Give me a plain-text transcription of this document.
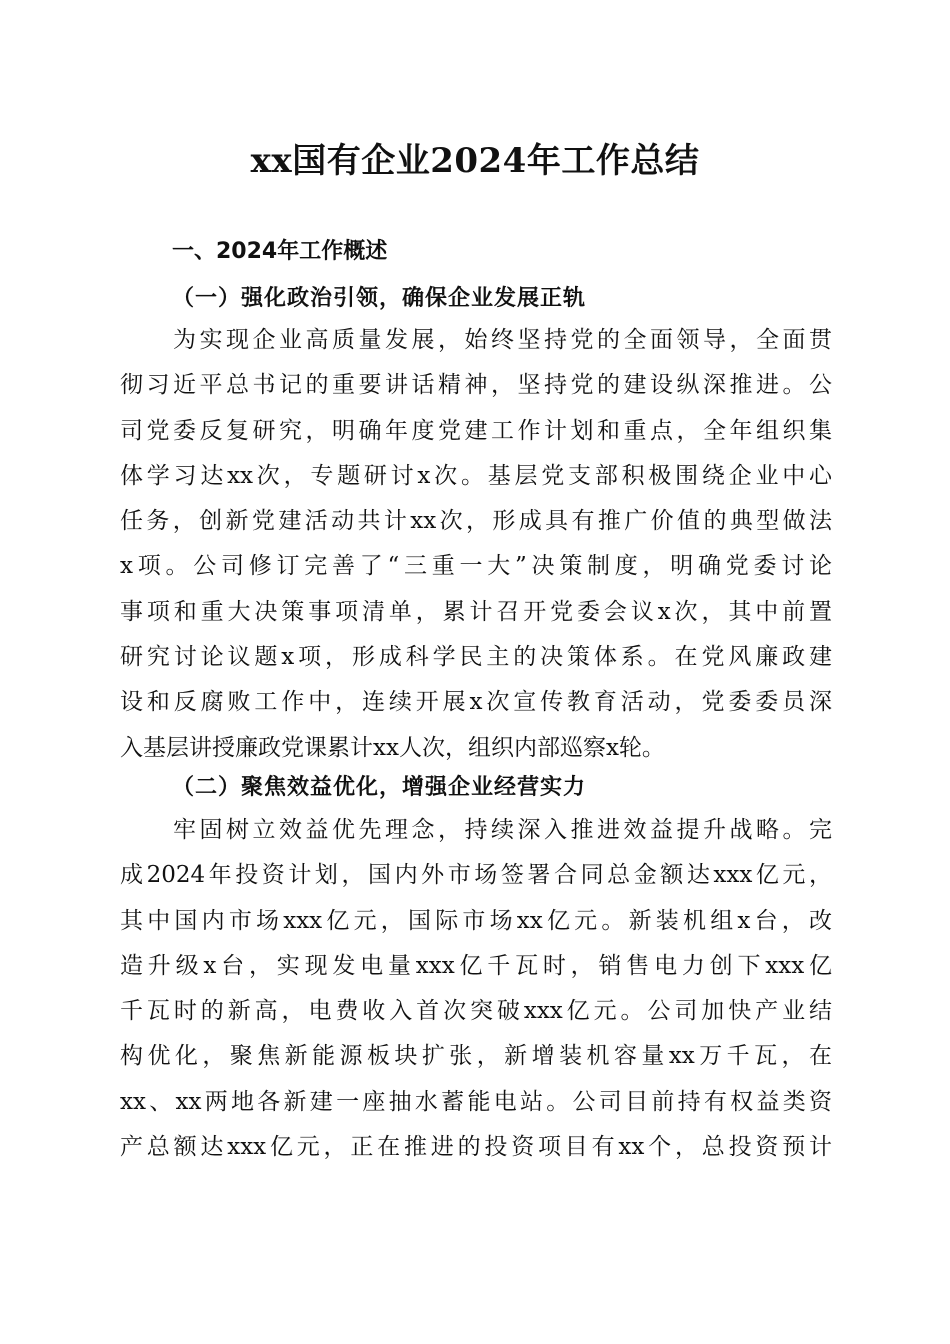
xx国有企业2024年工作总结
一、2024年工作概述
（一）强化政治引领，确保企业发展正轨
　　为实现企业高质量发展，始终坚持党的全面领导，全面贯
彻习近平总书记的重要讲话精神，坚持党的建设纵深推进。公
司党委反复研究，明确年度党建工作计划和重点，全年组织集
体学习达xx次，专题研讨x次。基层党支部积极围绕企业中心
任务，创新党建活动共计xx次，形成具有推广价值的典型做法
x项。公司修订完善了“三重一大”决策制度，明确党委讨论
事项和重大决策事项清单，累计召开党委会议x次，其中前置
研究讨论议题x项，形成科学民主的决策体系。在党风廉政建
设和反腐败工作中，连续开展x次宣传教育活动，党委委员深
入基层讲授廉政党课累计xx人次，组织内部巡察x轮。
（二）聚焦效益优化，增强企业经营实力
　　牢固树立效益优先理念，持续深入推进效益提升战略。完
成2024年投资计划，国内外市场签署合同总金额达xxx亿元，
其中国内市场xxx亿元，国际市场xx亿元。新装机组x台，改
造升级x台，实现发电量xxx亿千瓦时，销售电力创下xxx亿
千瓦时的新高，电费收入首次突破xxx亿元。公司加快产业结
构优化，聚焦新能源板块扩张，新增装机容量xx万千瓦，在
xx、xx两地各新建一座抽水蓄能电站。公司目前持有权益类资
产总额达xxx亿元，正在推进的投资项目有xx个，总投资预计
